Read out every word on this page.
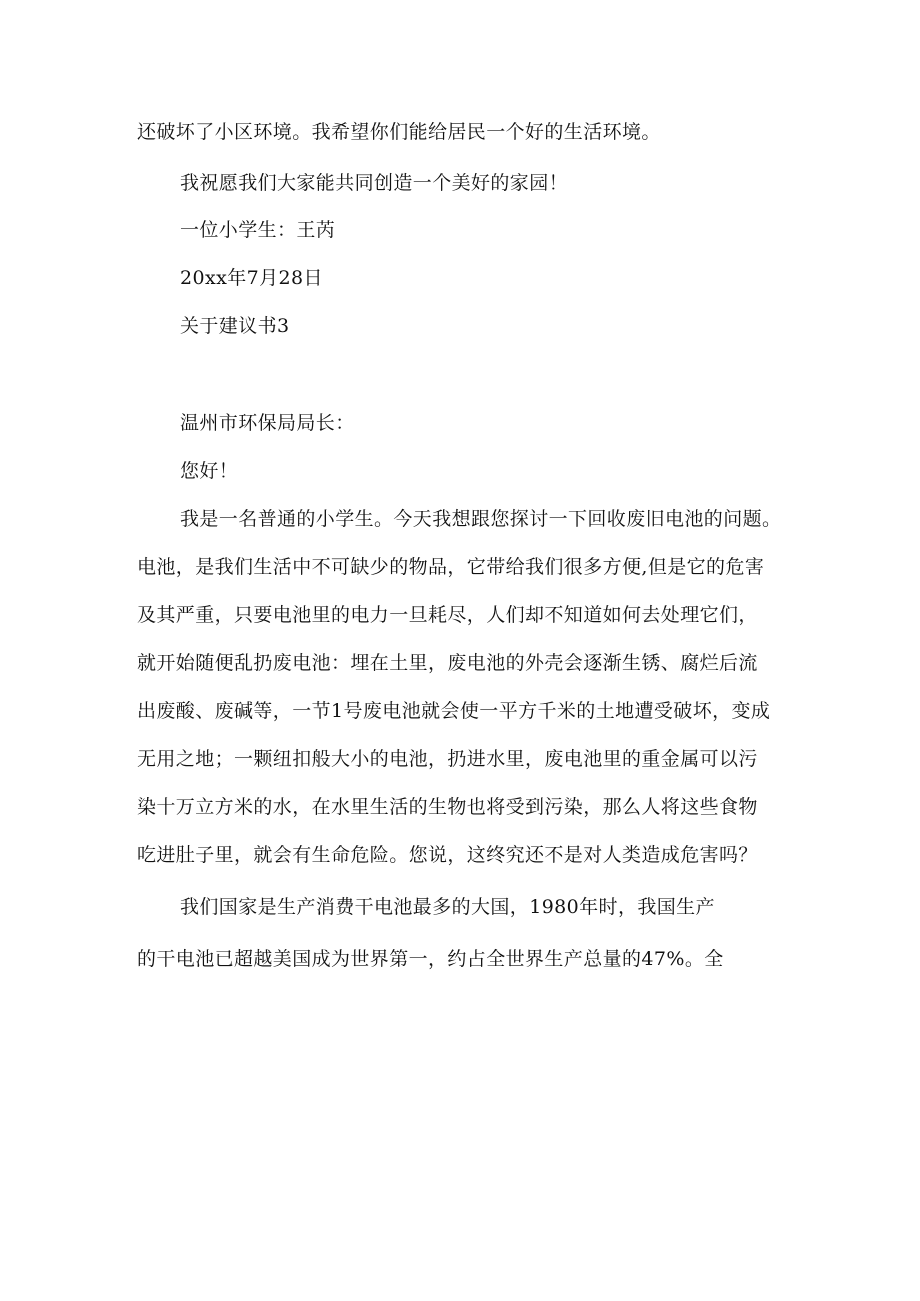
还破坏了小区环境。我希望你们能给居民一个好的生活环境。
我祝愿我们大家能共同创造一个美好的家园！
一位小学生：王芮
20xx年7月28日
关于建议书3
温州市环保局局长：
您好！
我是一名普通的小学生。今天我想跟您探讨一下回收废旧电池的问题。
电池，是我们生活中不可缺少的物品，它带给我们很多方便,但是它的危害
及其严重，只要电池里的电力一旦耗尽，人们却不知道如何去处理它们，
就开始随便乱扔废电池：埋在土里，废电池的外壳会逐渐生锈、腐烂后流
出废酸、废碱等，一节1号废电池就会使一平方千米的土地遭受破坏，变成
无用之地；一颗纽扣般大小的电池，扔进水里，废电池里的重金属可以污
染十万立方米的水，在水里生活的生物也将受到污染，那么人将这些食物
吃进肚子里，就会有生命危险。您说，这终究还不是对人类造成危害吗？
我们国家是生产消费干电池最多的大国，1980年时，我国生产
的干电池已超越美国成为世界第一，约占全世界生产总量的47%。全
